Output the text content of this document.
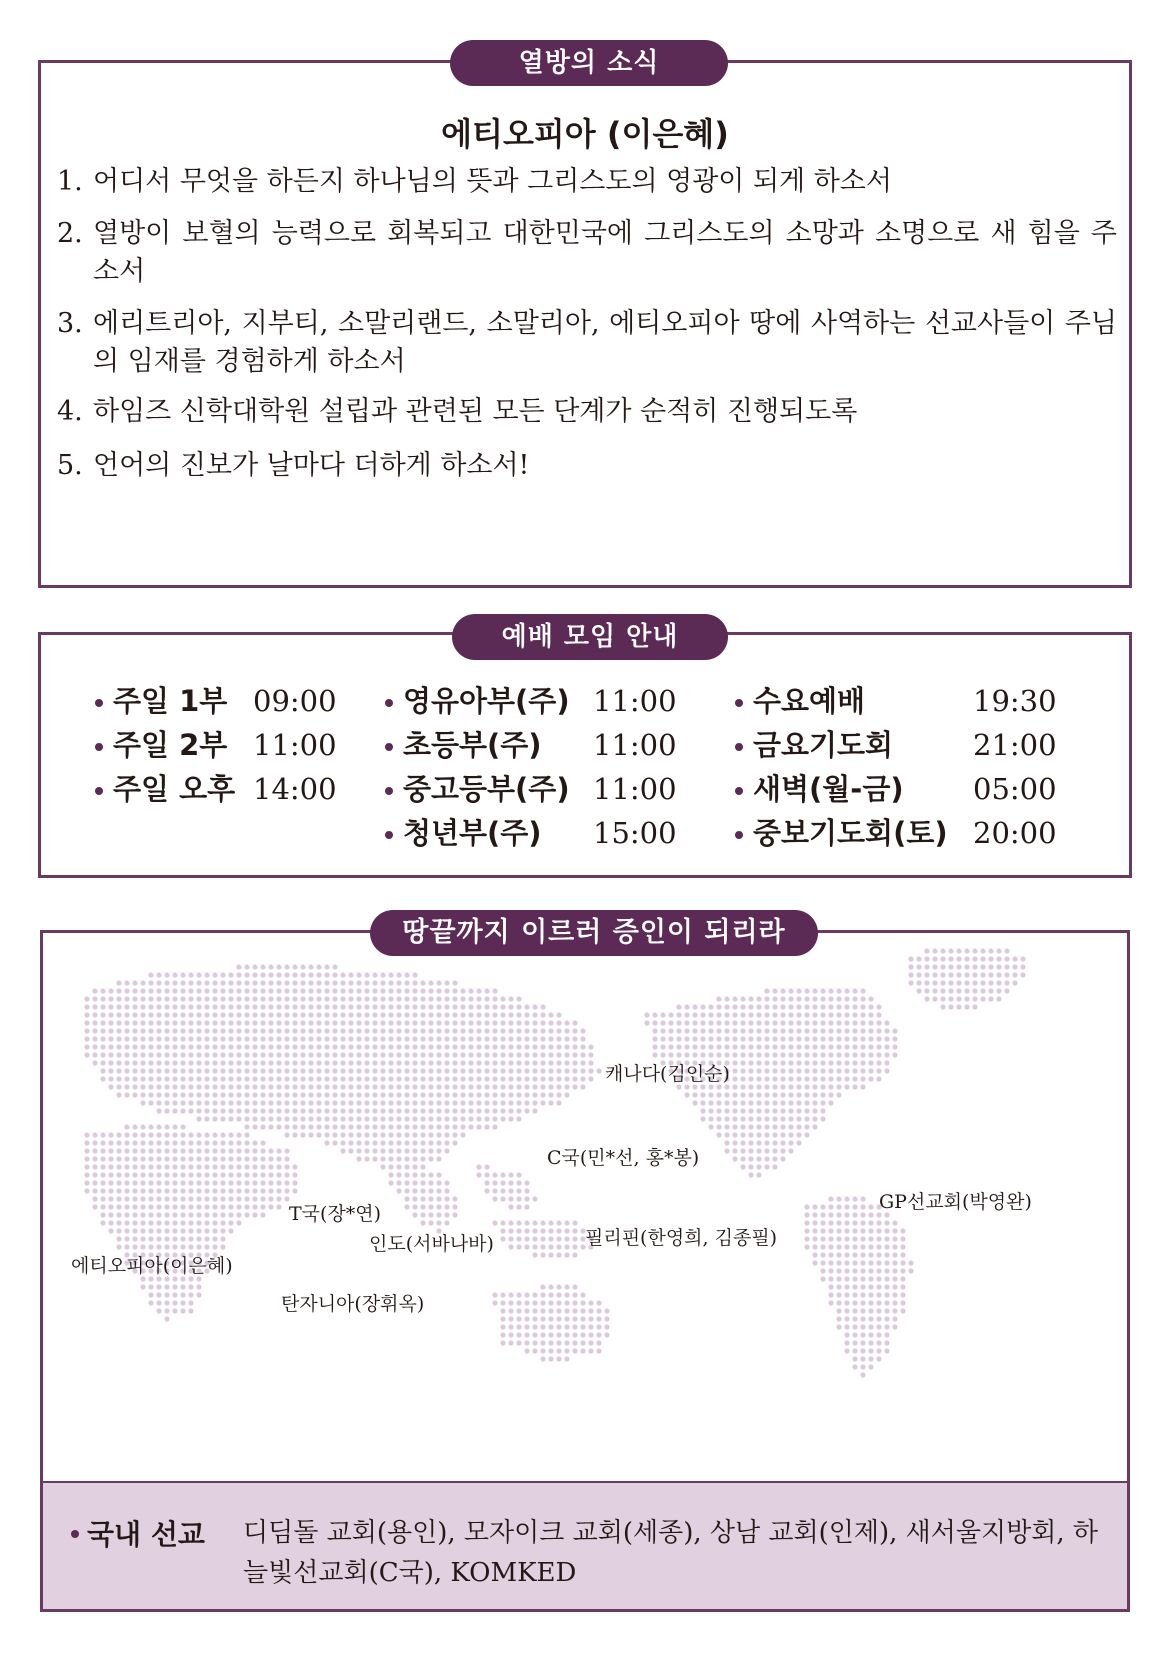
에티오피아 (이은혜)
1. 어디서 무엇을 하든지 하나님의 뜻과 그리스도의 영광이 되게 하소서
2. 열방이 보혈의 능력으로 회복되고 대한민국에 그리스도의 소망과 소명으로 새 힘을 주소서
3. 에리트리아, 지부티, 소말리랜드, 소말리아, 에티오피아 땅에 사역하는 선교사들이 주님의 임재를 경험하게 하소서
4. 하임즈 신학대학원 설립과 관련된 모든 단계가 순적히 진행되도록
5. 언어의 진보가 날마다 더하게 하소서!
열방의 소식
주일 1부 09:00
주일 2부 11:00
주일 오후 14:00
영유아부(주) 11:00
초등부(주) 11:00
중고등부(주) 11:00
청년부(주) 15:00
수요예배	19:30
금요기도회	21:00
새벽(월-금) 05:00
중보기도회(토) 20:00
예배 모임 안내
캐나다(김인순)
C국(민*선, 홍*봉)
GP선교회(박영완)
T국(장*연)
인도(서바나바)	필리핀(한영희, 김종필)
에티오피아(이은혜)
탄자니아(장휘옥)
국내 선교 디딤돌 교회(용인), 모자이크 교회(세종), 상남 교회(인제), 새서울지방회, 하늘빛선교회(C국), KOMKED
땅끝까지 이르러 증인이 되리라
